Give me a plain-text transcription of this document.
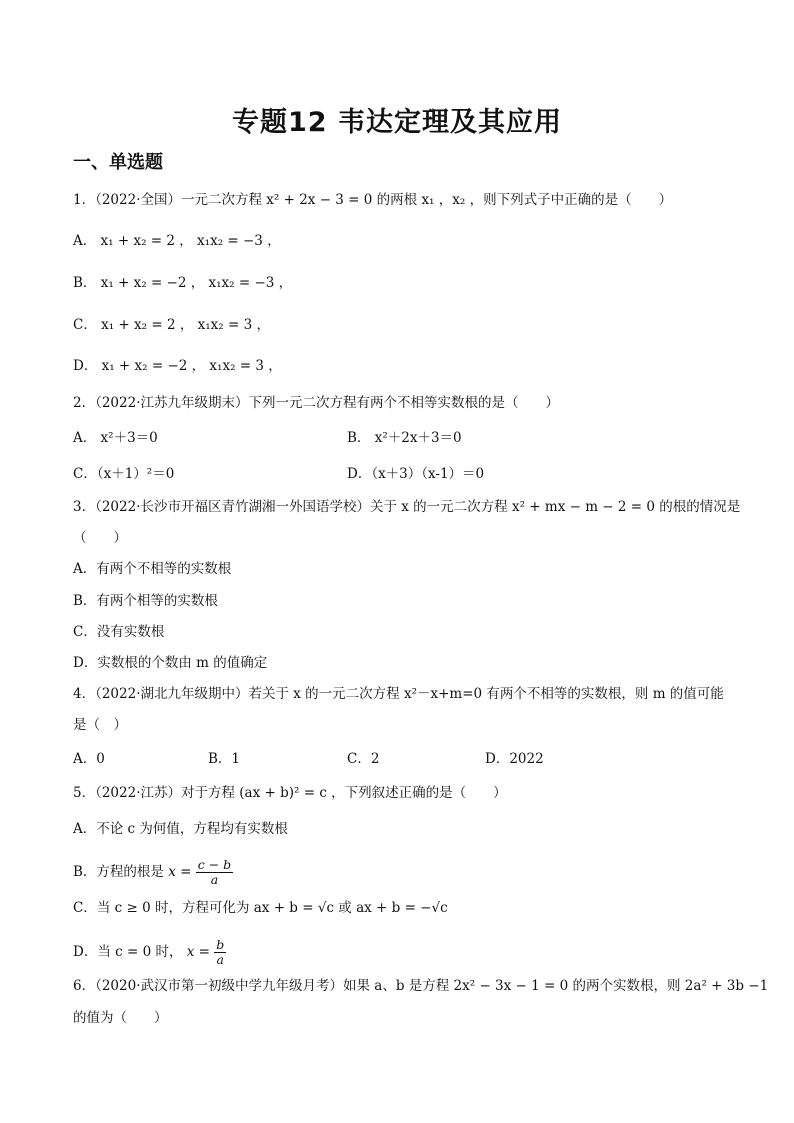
专题12 韦达定理及其应用
一、单选题
1．（2022·全国）一元二次方程 x² + 2x − 3 = 0 的两根 x₁ ，x₂ ，则下列式子中正确的是（　　）
A． x₁ + x₂ = 2 ， x₁x₂ = −3 ，
B． x₁ + x₂ = −2 ， x₁x₂ = −3 ，
C． x₁ + x₂ = 2 ， x₁x₂ = 3 ，
D． x₁ + x₂ = −2 ， x₁x₂ = 3 ，
2．（2022·江苏九年级期末）下列一元二次方程有两个不相等实数根的是（　　）
A． x²＋3＝0	B． x²＋2x＋3＝0
C．（x＋1）²＝0	D．（x＋3）（x-1）＝0
3．（2022·长沙市开福区青竹湖湘一外国语学校）关于 x 的一元二次方程 x² + mx − m − 2 = 0 的根的情况是
（　　）
A．有两个不相等的实数根
B．有两个相等的实数根
C．没有实数根
D．实数根的个数由 m 的值确定
4．（2022·湖北九年级期中）若关于 x 的一元二次方程 x²－x+m=0 有两个不相等的实数根，则 m 的值可能
是（　）
A．0	B．1	C．2	D．2022
5．（2022·江苏）对于方程 (ax + b)² = c ，下列叙述正确的是（　　）
A．不论 c 为何值，方程均有实数根
B．方程的根是 $x = \frac{c - b}{a}$
C．当 c ≥ 0 时，方程可化为 ax + b = √c 或 ax + b = −√c
D．当 c = 0 时， $x = \frac{b}{a}$
6．（2020·武汉市第一初级中学九年级月考）如果 a、b 是方程 2x² − 3x − 1 = 0 的两个实数根，则 2a² + 3b −1
的值为（　　）
